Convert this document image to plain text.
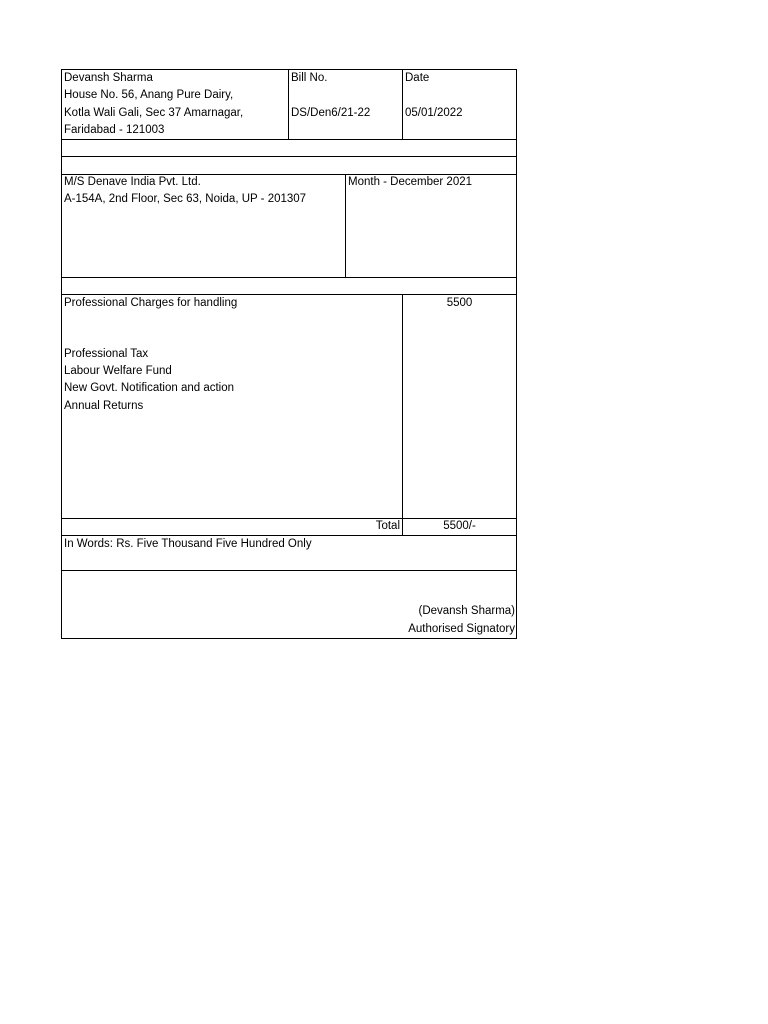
Devansh Sharma
House No. 56, Anang Pure Dairy,
Kotla Wali Gali, Sec 37 Amarnagar,
Faridabad - 121003
Bill No.
DS/Den6/21-22
Date
05/01/2022
M/S Denave India Pvt. Ltd.
A-154A, 2nd Floor, Sec 63, Noida, UP - 201307
Month - December 2021
Professional Charges for handling	5500
Professional Tax
Labour Welfare Fund
New Govt. Notification and action
Annual Returns
Total	5500/-
In Words: Rs. Five Thousand Five Hundred Only
(Devansh Sharma)
Authorised Signatory
